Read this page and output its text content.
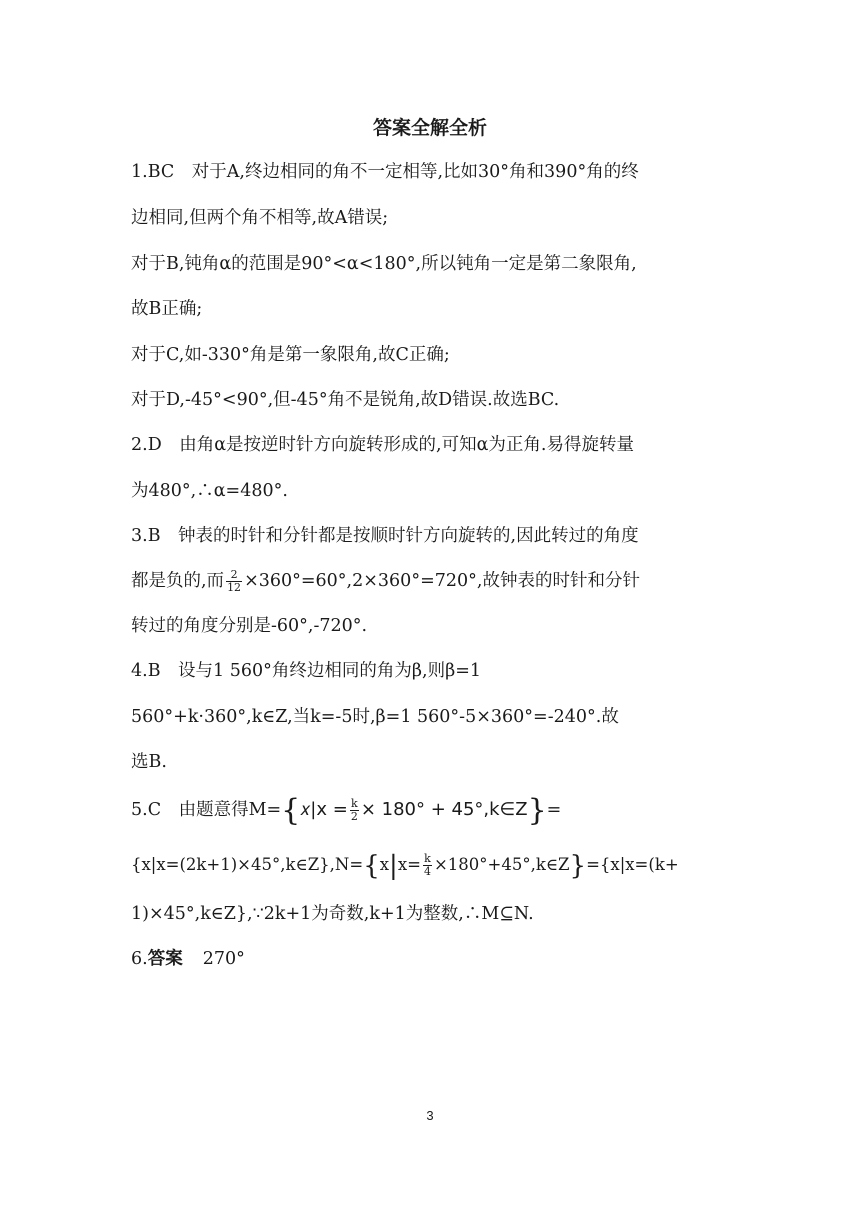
答案全解全析
1.BC　对于A,终边相同的角不一定相等,比如30°角和390°角的终
边相同,但两个角不相等,故A错误;
对于B,钝角α的范围是90°<α<180°,所以钝角一定是第二象限角,
故B正确;
对于C,如-330°角是第一象限角,故C正确;
对于D,-45°<90°,但-45°角不是锐角,故D错误.故选BC.
2.D　由角α是按逆时针方向旋转形成的,可知α为正角.易得旋转量
为480°,∴α=480°.
3.B　钟表的时针和分针都是按顺时针方向旋转的,因此转过的角度
都是负的,而 $\frac{2}{12} \times 360^\circ=60^\circ,2\times 360^\circ=720^\circ$,故钟表的时针和分针
转过的角度分别是-60°,-720°.
4.B　设与1 560°角终边相同的角为β,则β=1
560°+k·360°,k∈Z,当k=-5时,β=1 560°-5×360°=-240°.故
选B.
5.C　由题意得M={𝑥|x = $\frac{k}{2} \times 180^\circ$ + 45°,k∈Z}=
{x|x=(2k+1)×45°,k∈Z},N={x|x= $\frac{k}{4}$ ×180°+45°,k∈Z}={x|x=(k+
1)×45°,k∈Z},∵2k+1为奇数,k+1为整数,∴M⊆N.
6.答案 270°
3
